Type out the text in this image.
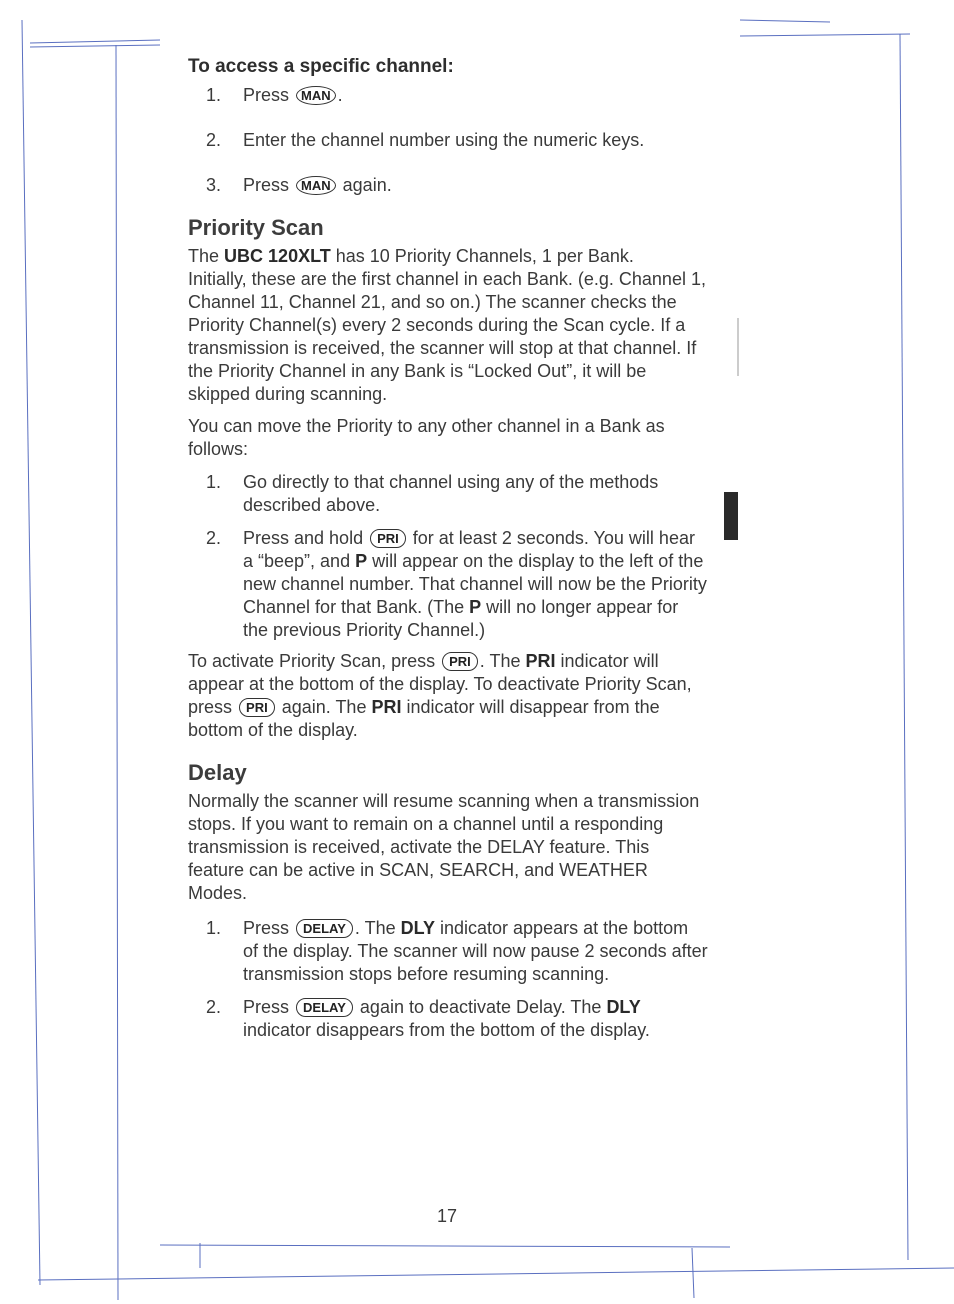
To access a specific channel:

1.	Press MAN .
2.	Enter the channel number using the numeric keys.
3.	Press MAN again.

Priority Scan

The UBC 120XLT has 10 Priority Channels, 1 per Bank.

Initially, these are the first channel in each Bank. (e.g. Channel 1, Channel 11, Channel 21, and so on.) The scanner checks the Priority Channel(s) every 2 seconds during the Scan cycle. If a transmission is received, the scanner will stop at that channel. If the Priority Channel in any Bank is “Locked Out”, it will be skipped during scanning.

You can move the Priority to any other channel in a Bank as follows:

1.	Go directly to that channel using any of the methods described above.
2.	Press and hold PRI for at least 2 seconds. You will hear a “beep”, and P will appear on the display to the left of the new channel number. That channel will now be the Priority Channel for that Bank. (The P will no longer appear for the previous Priority Channel.)

To activate Priority Scan, press PRI . The PRI indicator will appear at the bottom of the display. To deactivate Priority Scan, press PRI again. The PRI indicator will disappear from the bottom of the display.

Delay

Normally the scanner will resume scanning when a transmission stops. If you want to remain on a channel until a responding transmission is received, activate the DELAY feature. This feature can be active in SCAN, SEARCH, and WEATHER Modes.

1.	Press DELAY . The DLY indicator appears at the bottom of the display. The scanner will now pause 2 seconds after transmission stops before resuming scanning.
2.	Press DELAY again to deactivate Delay. The DLY indicator disappears from the bottom of the display.
17
